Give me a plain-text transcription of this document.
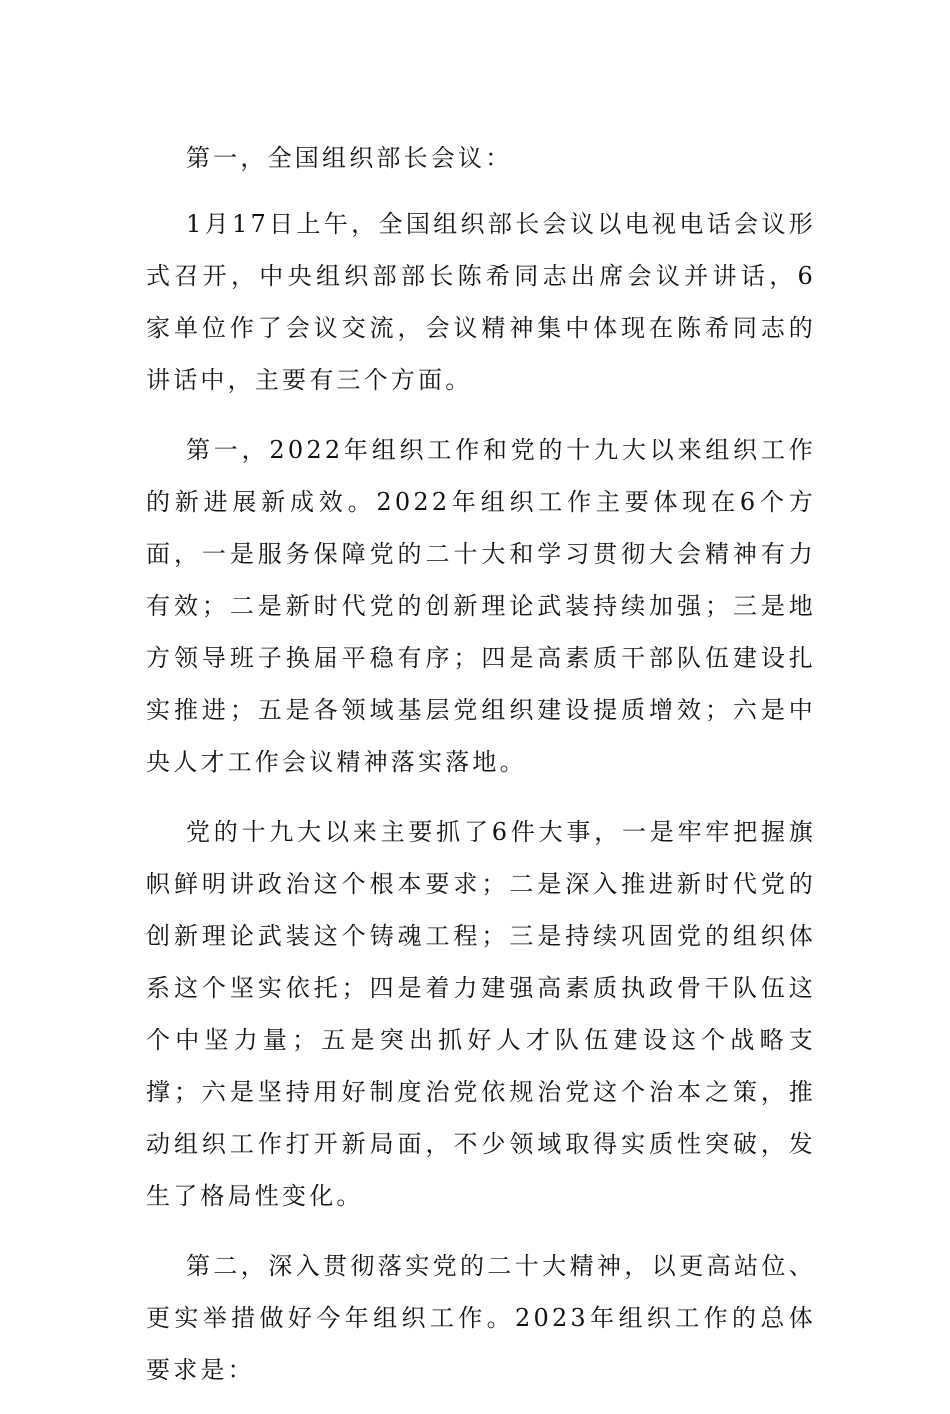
第一，全国组织部长会议：

1月17日上午，全国组织部长会议以电视电话会议形式召开，中央组织部部长陈希同志出席会议并讲话，6家单位作了会议交流，会议精神集中体现在陈希同志的讲话中，主要有三个方面。

第一，2022年组织工作和党的十九大以来组织工作的新进展新成效。2022年组织工作主要体现在6个方面，一是服务保障党的二十大和学习贯彻大会精神有力有效；二是新时代党的创新理论武装持续加强；三是地方领导班子换届平稳有序；四是高素质干部队伍建设扎实推进；五是各领域基层党组织建设提质增效；六是中央人才工作会议精神落实落地。

党的十九大以来主要抓了6件大事，一是牢牢把握旗帜鲜明讲政治这个根本要求；二是深入推进新时代党的创新理论武装这个铸魂工程；三是持续巩固党的组织体系这个坚实依托；四是着力建强高素质执政骨干队伍这个中坚力量；五是突出抓好人才队伍建设这个战略支撑；六是坚持用好制度治党依规治党这个治本之策，推动组织工作打开新局面，不少领域取得实质性突破，发生了格局性变化。

第二，深入贯彻落实党的二十大精神，以更高站位、更实举措做好今年组织工作。2023年组织工作的总体要求是：
